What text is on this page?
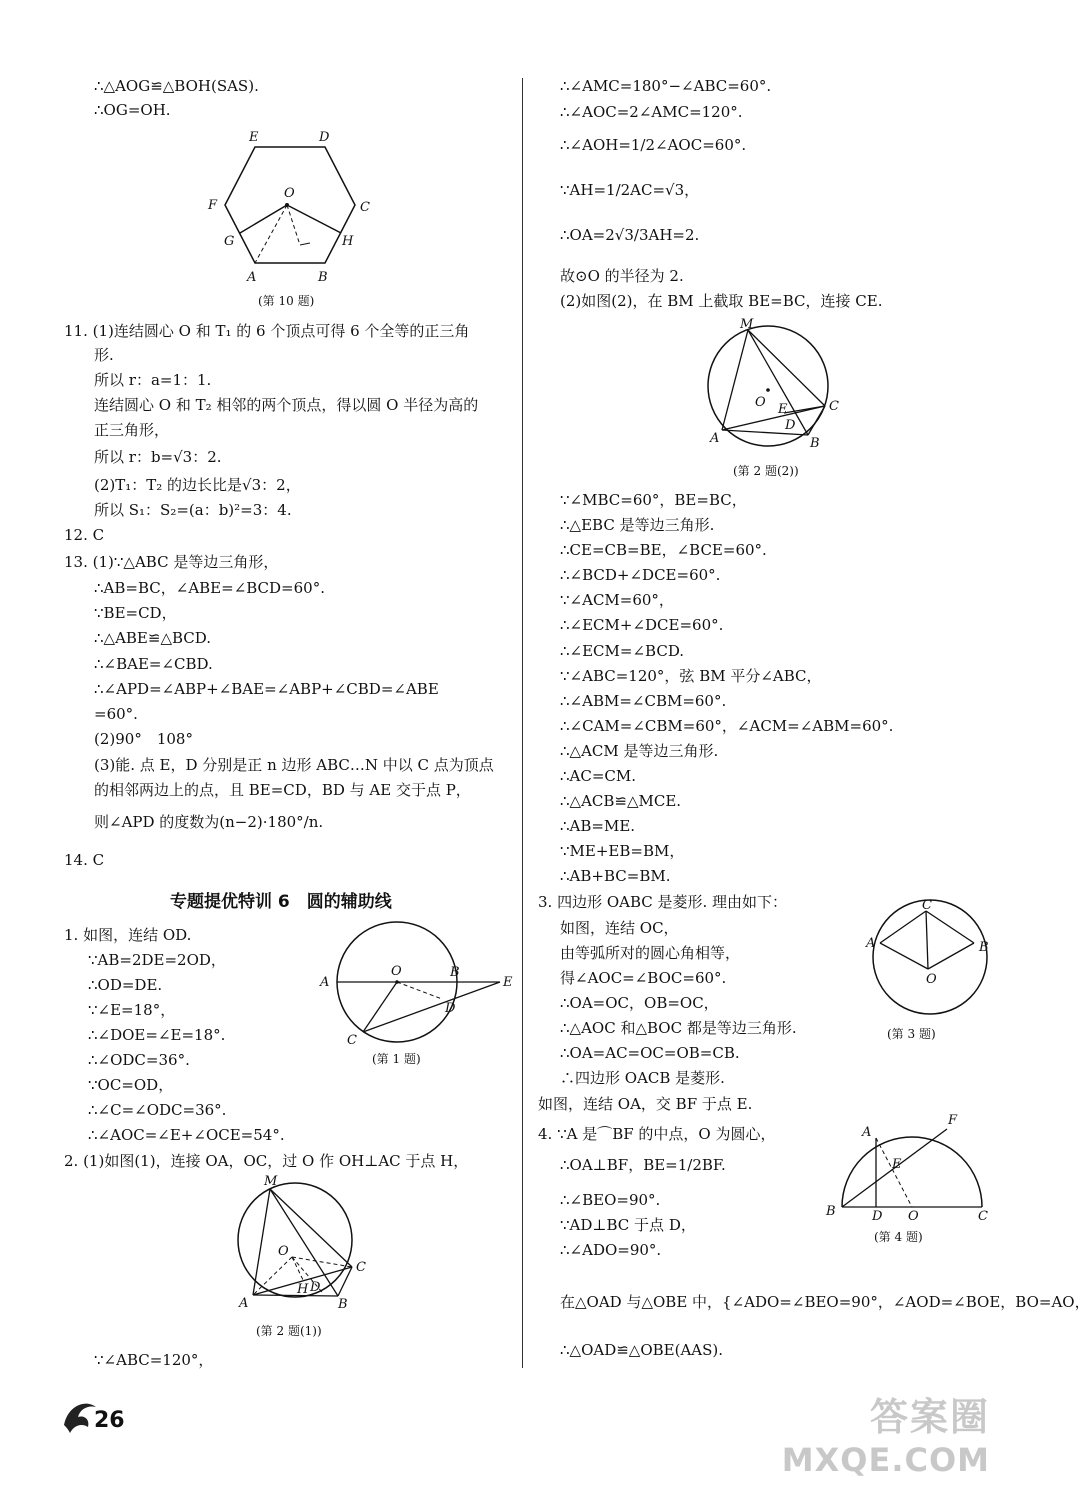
∴△AOG≌△BOH(SAS).
∴OG=OH.
E	D
O
F	C
G	H
A	B
(第 10 题)
11. (1)连结圆心 O 和 T₁ 的 6 个顶点可得 6 个全等的正三角
形.
所以 r：a=1：1.
连结圆心 O 和 T₂ 相邻的两个顶点，得以圆 O 半径为高的
正三角形，
所以 r：b=√3：2.
(2)T₁：T₂ 的边长比是√3：2，
所以 S₁：S₂=(a：b)²=3：4.
12. C
13. (1)∵△ABC 是等边三角形，
∴AB=BC，∠ABE=∠BCD=60°.
∵BE=CD，
∴△ABE≌△BCD.
∴∠BAE=∠CBD.
∴∠APD=∠ABP+∠BAE=∠ABP+∠CBD=∠ABE
=60°.
(2)90°　108°
(3)能. 点 E，D 分别是正 n 边形 ABC…N 中以 C 点为顶点
的相邻两边上的点，且 BE=CD，BD 与 AE 交于点 P，
则∠APD 的度数为(n−2)·180°/n.
14. C
专题提优特训 6　圆的辅助线
1. 如图，连结 OD.
∵AB=2DE=2OD，
∴OD=DE.
∵∠E=18°，
∴∠DOE=∠E=18°.
∴∠ODC=36°.
∵OC=OD，
∴∠C=∠ODC=36°.
∴∠AOC=∠E+∠OCE=54°.
A
O	B
E
D
C
(第 1 题)
2. (1)如图(1)，连接 OA，OC，过 O 作 OH⊥AC 于点 H，
M
O
C
H D
A	B
(第 2 题(1))
∵∠ABC=120°，
∴∠AMC=180°−∠ABC=60°.
∴∠AOC=2∠AMC=120°.
∴∠AOH=1/2∠AOC=60°.
∵AH=1/2AC=√3，
∴OA=2√3/3AH=2.
故⊙O 的半径为 2.
(2)如图(2)，在 BM 上截取 BE=BC，连接 CE.
M
O E	C
D
A	B
(第 2 题(2))
∵∠MBC=60°，BE=BC，
∴△EBC 是等边三角形.
∴CE=CB=BE，∠BCE=60°.
∴∠BCD+∠DCE=60°.
∵∠ACM=60°，
∴∠ECM+∠DCE=60°.
∴∠ECM=∠BCD.
∵∠ABC=120°，弦 BM 平分∠ABC，
∴∠ABM=∠CBM=60°.
∴∠CAM=∠CBM=60°，∠ACM=∠ABM=60°.
∴△ACM 是等边三角形.
∴AC=CM.
∴△ACB≌△MCE.
∴AB=ME.
∵ME+EB=BM，
∴AB+BC=BM.
3. 四边形 OABC 是菱形. 理由如下：
如图，连结 OC，
由等弧所对的圆心角相等，
得∠AOC=∠BOC=60°.
∴OA=OC，OB=OC，
∴△AOC 和△BOC 都是等边三角形.
∴OA=AC=OC=OB=CB.
∴四边形 OACB 是菱形.
如图，连结 OA，交 BF 于点 E.
C
A	B
O
(第 3 题)
4. ∵A 是⌒BF 的中点，O 为圆心，
∴OA⊥BF，BE=1/2BF.
∴∠BEO=90°.
∵AD⊥BC 于点 D，
∴∠ADO=90°.
在△OAD 与△OBE 中，{∠ADO=∠BEO=90°，∠AOD=∠BOE，BO=AO，
∴△OAD≌△OBE(AAS).
F
A
E
B	D O	C
(第 4 题)
26	答案圈
MXQE.COM
